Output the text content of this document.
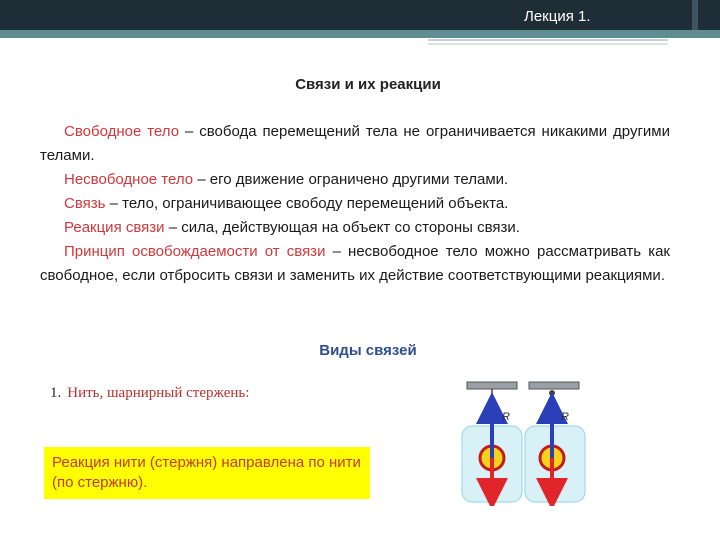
Лекция 1.
Связи и их реакции

Свободное тело – свобода перемещений тела не ограничивается никакими другими телами.

Несвободное тело – его движение ограничено другими телами.

Связь – тело, ограничивающее свободу перемещений объекта.

Реакция связи – сила, действующая на объект со стороны связи.

Принцип освобождаемости от связи – несвободное тело можно рассматривать как свободное, если отбросить связи и заменить их действие соответствующими реакциями.

Виды связей
1. Нить, шарнирный стержень:
Реакция нити (стержня) направлена по нити (по стержню).
R	R
